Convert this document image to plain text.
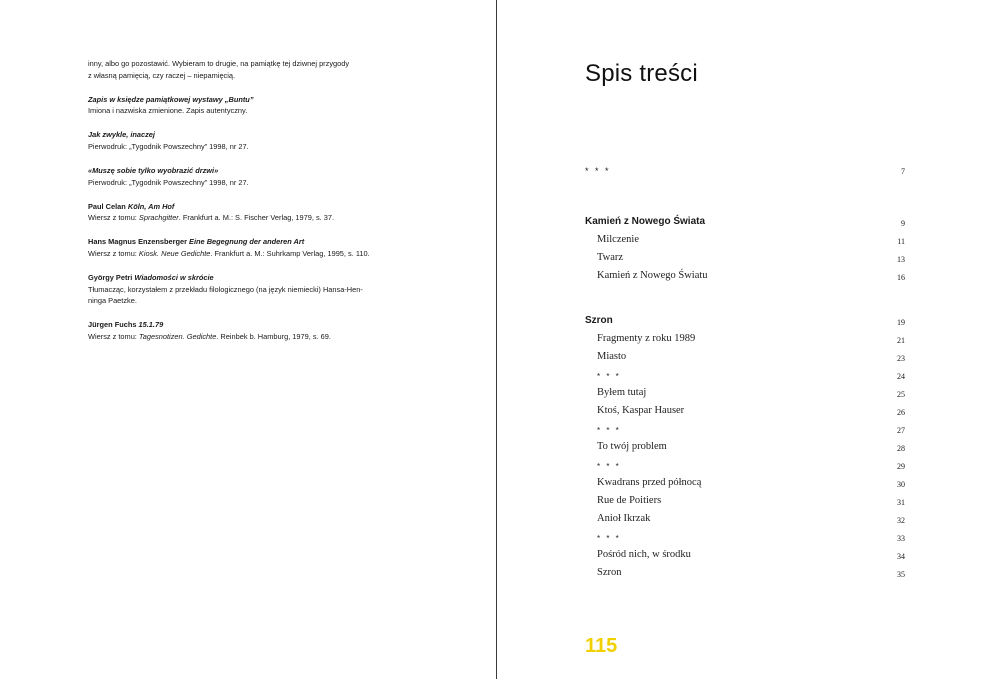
inny, albo go pozostawić. Wybieram to drugie, na pamiątkę tej dziwnej przygody

z własną pamięcią, czy raczej – niepamięcią.

Zapis w księdze pamiątkowej wystawy „Buntu”

Imiona i nazwiska zmienione. Zapis autentyczny.

Jak zwykle, inaczej

Pierwodruk: „Tygodnik Powszechny” 1998, nr 27.

«Muszę sobie tylko wyobrazić drzwi»

Pierwodruk: „Tygodnik Powszechny” 1998, nr 27.

Paul Celan Köln, Am Hof

Wiersz z tomu: Sprachgitter. Frankfurt a. M.: S. Fischer Verlag, 1979, s. 37.

Hans Magnus Enzensberger Eine Begegnung der anderen Art

Wiersz z tomu: Kiosk. Neue Gedichte. Frankfurt a. M.: Suhrkamp Verlag, 1995, s. 110.

György Petri Wiadomości w skrócie

Tłumacząc, korzystałem z przekładu filologicznego (na język niemiecki) Hansa-Hen-

ninga Paetzke.

Jürgen Fuchs 15.1.79

Wiersz z tomu: Tagesnotizen. Gedichte. Reinbek b. Hamburg, 1979, s. 69.

Spis treści
* * *	7
Kamień z Nowego Świata	9
Milczenie	11
Twarz	13
Kamień z Nowego Światu	16
Szron	19
Fragmenty z roku 1989	21
Miasto	23
* * *	24
Byłem tutaj	25
Ktoś, Kaspar Hauser	26
* * *	27
To twój problem	28
* * *	29
Kwadrans przed północą	30
Rue de Poitiers	31
Anioł Ikrzak	32
* * *	33
Pośród nich, w środku	34
Szron	35
115
